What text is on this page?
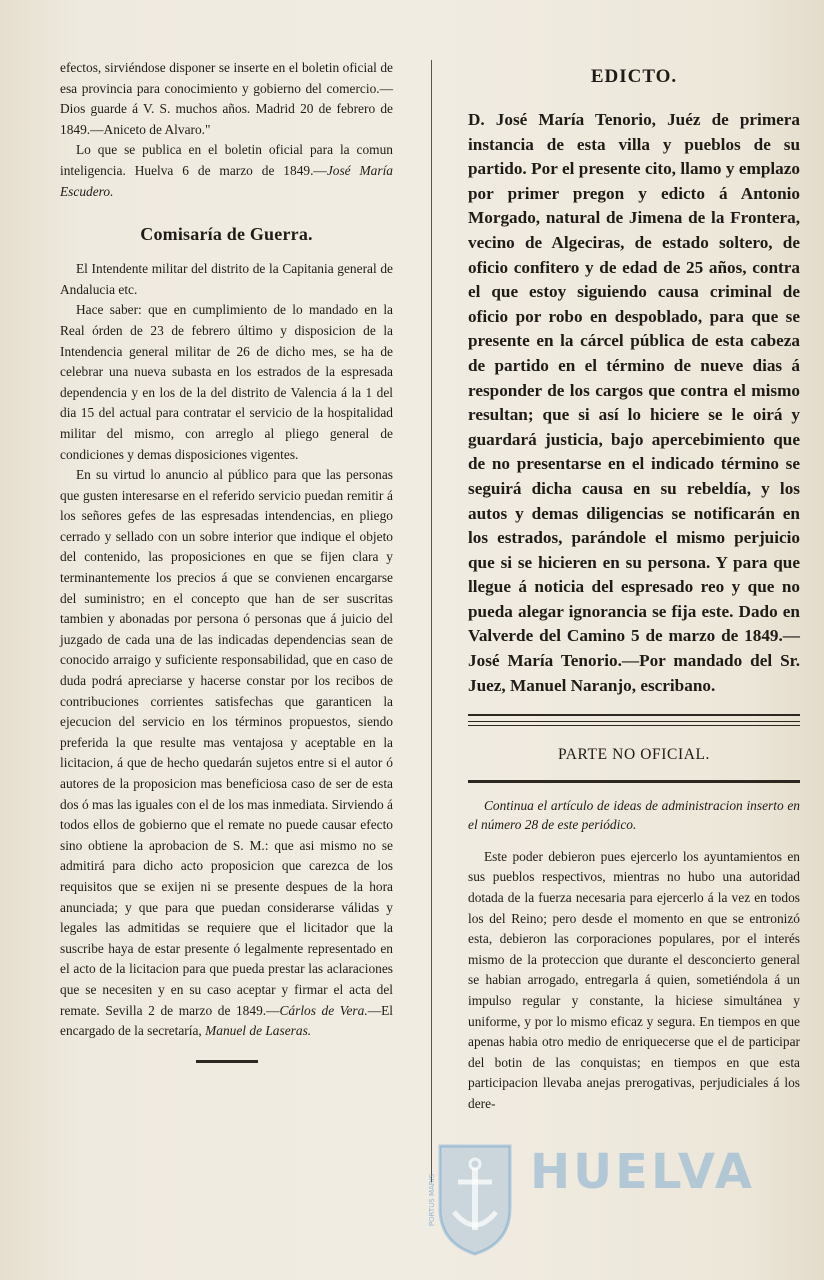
efectos, sirviéndose disponer se inserte en el boletin oficial de esa provincia para conocimiento y gobierno del comercio.—Dios guarde á V. S. muchos años. Madrid 20 de febrero de 1849.—Aniceto de Alvaro."

Lo que se publica en el boletin oficial para la comun inteligencia. Huelva 6 de marzo de 1849.—José María Escudero.

Comisaría de Guerra.

El Intendente militar del distrito de la Capitania general de Andalucia etc.

Hace saber: que en cumplimiento de lo mandado en la Real órden de 23 de febrero último y disposicion de la Intendencia general militar de 26 de dicho mes, se ha de celebrar una nueva subasta en los estrados de la espresada dependencia y en los de la del distrito de Valencia á la 1 del dia 15 del actual para contratar el servicio de la hospitalidad militar del mismo, con arreglo al pliego general de condiciones y demas disposiciones vigentes.

En su virtud lo anuncio al público para que las personas que gusten interesarse en el referido servicio puedan remitir á los señores gefes de las espresadas intendencias, en pliego cerrado y sellado con un sobre interior que indique el objeto del contenido, las proposiciones en que se fijen clara y terminantemente los precios á que se convienen encargarse del suministro; en el concepto que han de ser suscritas tambien y abonadas por persona ó personas que á juicio del juzgado de cada una de las indicadas dependencias sean de conocido arraigo y suficiente responsabilidad, que en caso de duda podrá apreciarse y hacerse constar por los recibos de contribuciones corrientes satisfechas que garanticen la ejecucion del servicio en los términos propuestos, siendo preferida la que resulte mas ventajosa y aceptable en la licitacion, á que de hecho quedarán sujetos entre si el autor ó autores de la proposicion mas beneficiosa caso de ser de esta dos ó mas las iguales con el de los mas inmediata. Sirviendo á todos ellos de gobierno que el remate no puede causar efecto sino obtiene la aprobacion de S. M.: que asi mismo no se admitirá para dicho acto proposicion que carezca de los requisitos que se exijen ni se presente despues de la hora anunciada; y que para que puedan considerarse válidas y legales las admitidas se requiere que el licitador que la suscribe haya de estar presente ó legalmente representado en el acto de la licitacion para que pueda prestar las aclaraciones que se necesiten y en su caso aceptar y firmar el acta del remate. Sevilla 2 de marzo de 1849.—Cárlos de Vera.—El encargado de la secretaría, Manuel de Laseras.

EDICTO.

D. José María Tenorio, Juéz de primera instancia de esta villa y pueblos de su partido. Por el presente cito, llamo y emplazo por primer pregon y edicto á Antonio Morgado, natural de Jimena de la Frontera, vecino de Algeciras, de estado soltero, de oficio confitero y de edad de 25 años, contra el que estoy siguiendo causa criminal de oficio por robo en despoblado, para que se presente en la cárcel pública de esta cabeza de partido en el término de nueve dias á responder de los cargos que contra el mismo resultan; que si así lo hiciere se le oirá y guardará justicia, bajo apercebimiento que de no presentarse en el indicado término se seguirá dicha causa en su rebeldía, y los autos y demas diligencias se notificarán en los estrados, parándole el mismo perjuicio que si se hicieren en su persona. Y para que llegue á noticia del espresado reo y que no pueda alegar ignorancia se fija este. Dado en Valverde del Camino 5 de marzo de 1849.—José María Tenorio.—Por mandado del Sr. Juez, Manuel Naranjo, escribano.

PARTE NO OFICIAL.

Continua el artículo de ideas de administracion inserto en el número 28 de este periódico.

Este poder debieron pues ejercerlo los ayuntamientos en sus pueblos respectivos, mientras no hubo una autoridad dotada de la fuerza necesaria para ejercerlo á la vez en todos los del Reino; pero desde el momento en que se entronizó esta, debieron las corporaciones populares, por el interés mismo de la proteccion que durante el desconcierto general se habian arrogado, entregarla á quien, sometiéndola á un impulso regular y constante, la hiciese simultánea y uniforme, y por lo mismo eficaz y segura. En tiempos en que apenas habia otro medio de enriquecerse que el de participar del botin de las conquistas; en tiempos en que esta participacion llevaba anejas prerogativas, perjudiciales á los dere-

PORTUS MARIS HUELVA
